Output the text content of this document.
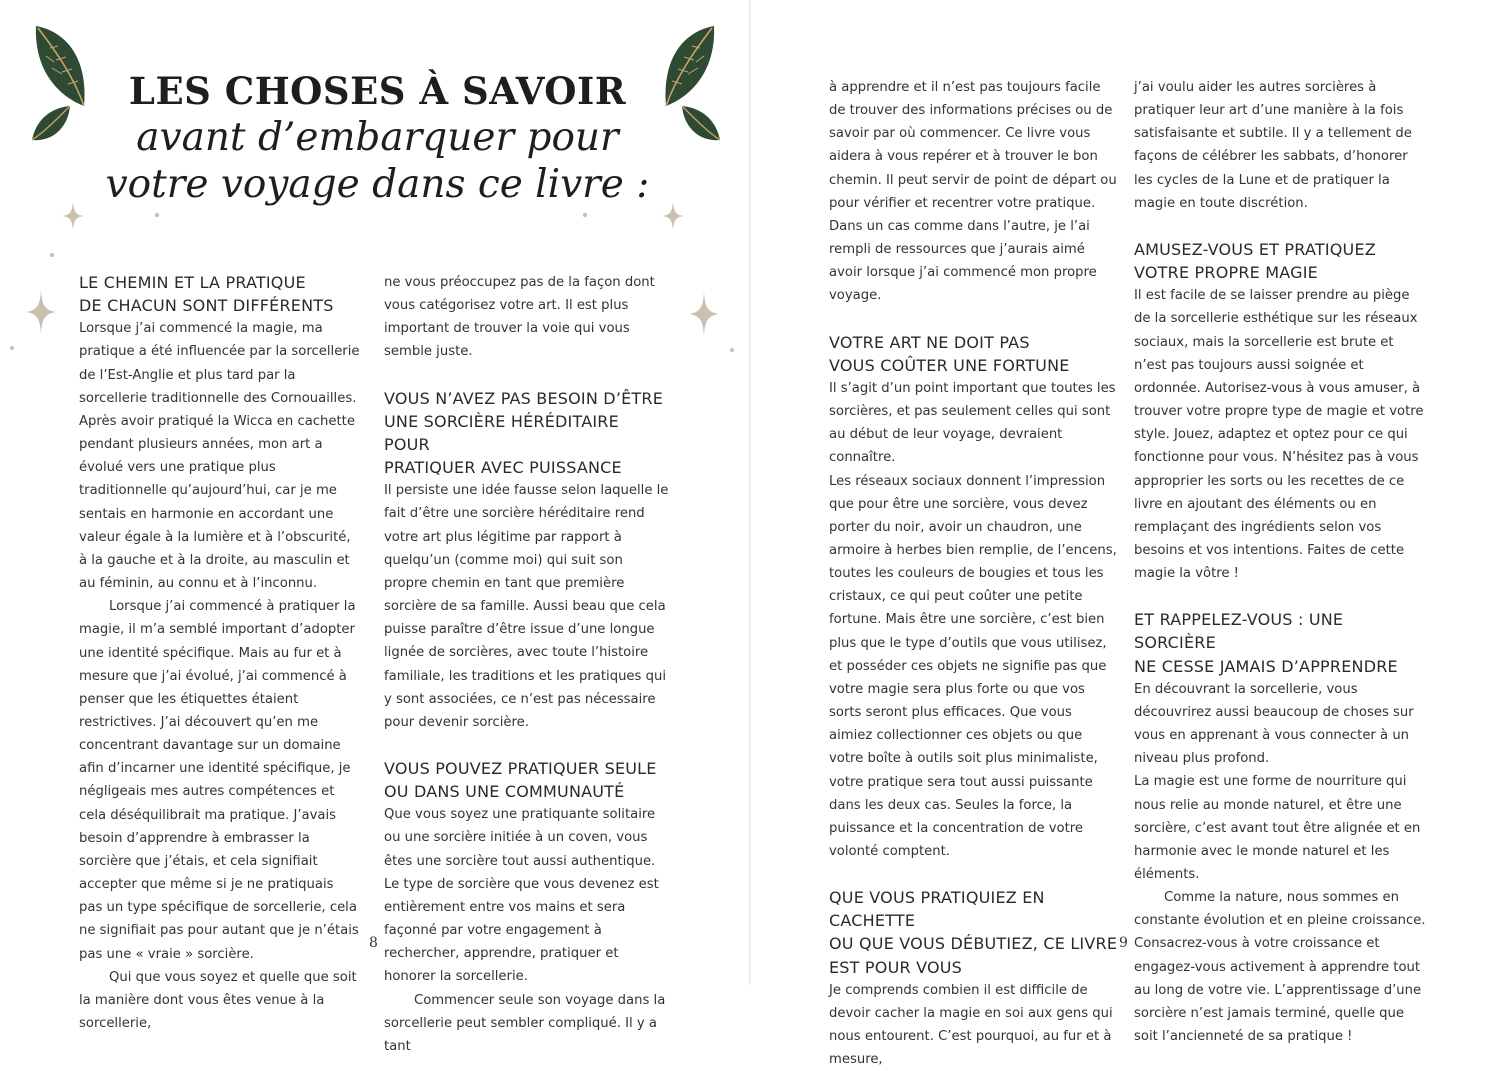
LES CHOSES À SAVOIR
avant d’embarquer pour
votre voyage dans ce livre :
LE CHEMIN ET LA PRATIQUE
DE CHACUN SONT DIFFÉRENTS

Lorsque j’ai commencé la magie, ma pratique a été influencée par la sorcellerie de l’Est-Anglie et plus tard par la sorcellerie traditionnelle des Cornouailles. Après avoir pratiqué la Wicca en cachette pendant plusieurs années, mon art a évolué vers une pratique plus traditionnelle qu’aujourd’hui, car je me sentais en harmonie en accordant une valeur égale à la lumière et à l’obscurité, à la gauche et à la droite, au masculin et au féminin, au connu et à l’inconnu.

Lorsque j’ai commencé à pratiquer la magie, il m’a semblé important d’adopter une identité spécifique. Mais au fur et à mesure que j’ai évolué, j’ai commencé à penser que les étiquettes étaient restrictives. J’ai découvert qu’en me concentrant davantage sur un domaine afin d’incarner une identité spécifique, je négligeais mes autres compétences et cela déséquilibrait ma pratique. J’avais besoin d’apprendre à embrasser la sorcière que j’étais, et cela signifiait accepter que même si je ne pratiquais pas un type spécifique de sorcellerie, cela ne signifiait pas pour autant que je n’étais pas une « vraie » sorcière.

Qui que vous soyez et quelle que soit la manière dont vous êtes venue à la sorcellerie,

ne vous préoccupez pas de la façon dont vous catégorisez votre art. Il est plus important de trouver la voie qui vous semble juste.

VOUS N’AVEZ PAS BESOIN D’ÊTRE
UNE SORCIÈRE HÉRÉDITAIRE POUR
PRATIQUER AVEC PUISSANCE

Il persiste une idée fausse selon laquelle le fait d’être une sorcière héréditaire rend votre art plus légitime par rapport à quelqu’un (comme moi) qui suit son propre chemin en tant que première sorcière de sa famille. Aussi beau que cela puisse paraître d’être issue d’une longue lignée de sorcières, avec toute l’histoire familiale, les traditions et les pratiques qui y sont associées, ce n’est pas nécessaire pour devenir sorcière.

VOUS POUVEZ PRATIQUER SEULE
OU DANS UNE COMMUNAUTÉ

Que vous soyez une pratiquante solitaire ou une sorcière initiée à un coven, vous êtes une sorcière tout aussi authentique. Le type de sorcière que vous devenez est entièrement entre vos mains et sera façonné par votre engagement à rechercher, apprendre, pratiquer et honorer la sorcellerie.

Commencer seule son voyage dans la sorcellerie peut sembler compliqué. Il y a tant

à apprendre et il n’est pas toujours facile de trouver des informations précises ou de savoir par où commencer. Ce livre vous aidera à vous repérer et à trouver le bon chemin. Il peut servir de point de départ ou pour vérifier et recentrer votre pratique. Dans un cas comme dans l’autre, je l’ai rempli de ressources que j’aurais aimé avoir lorsque j’ai commencé mon propre voyage.

VOTRE ART NE DOIT PAS
VOUS COÛTER UNE FORTUNE

Il s’agit d’un point important que toutes les sorcières, et pas seulement celles qui sont au début de leur voyage, devraient connaître.

Les réseaux sociaux donnent l’impression que pour être une sorcière, vous devez porter du noir, avoir un chaudron, une armoire à herbes bien remplie, de l’encens, toutes les couleurs de bougies et tous les cristaux, ce qui peut coûter une petite fortune. Mais être une sorcière, c’est bien plus que le type d’outils que vous utilisez, et posséder ces objets ne signifie pas que votre magie sera plus forte ou que vos sorts seront plus efficaces. Que vous aimiez collectionner ces objets ou que votre boîte à outils soit plus minimaliste, votre pratique sera tout aussi puissante dans les deux cas. Seules la force, la puissance et la concentration de votre volonté comptent.

QUE VOUS PRATIQUIEZ EN CACHETTE
OU QUE VOUS DÉBUTIEZ, CE LIVRE
EST POUR VOUS

Je comprends combien il est difficile de devoir cacher la magie en soi aux gens qui nous entourent. C’est pourquoi, au fur et à mesure,

j’ai voulu aider les autres sorcières à pratiquer leur art d’une manière à la fois satisfaisante et subtile. Il y a tellement de façons de célébrer les sabbats, d’honorer les cycles de la Lune et de pratiquer la magie en toute discrétion.

AMUSEZ-VOUS ET PRATIQUEZ
VOTRE PROPRE MAGIE

Il est facile de se laisser prendre au piège de la sorcellerie esthétique sur les réseaux sociaux, mais la sorcellerie est brute et n’est pas toujours aussi soignée et ordonnée. Autorisez-vous à vous amuser, à trouver votre propre type de magie et votre style. Jouez, adaptez et optez pour ce qui fonctionne pour vous. N’hésitez pas à vous approprier les sorts ou les recettes de ce livre en ajoutant des éléments ou en remplaçant des ingrédients selon vos besoins et vos intentions. Faites de cette magie la vôtre !

ET RAPPELEZ-VOUS : UNE SORCIÈRE
NE CESSE JAMAIS D’APPRENDRE

En découvrant la sorcellerie, vous découvrirez aussi beaucoup de choses sur vous en apprenant à vous connecter à un niveau plus profond.

La magie est une forme de nourriture qui nous relie au monde naturel, et être une sorcière, c’est avant tout être alignée et en harmonie avec le monde naturel et les éléments.

Comme la nature, nous sommes en constante évolution et en pleine croissance. Consacrez-vous à votre croissance et engagez-vous activement à apprendre tout au long de votre vie. L’apprentissage d’une sorcière n’est jamais terminé, quelle que soit l’ancienneté de sa pratique !

8	9
